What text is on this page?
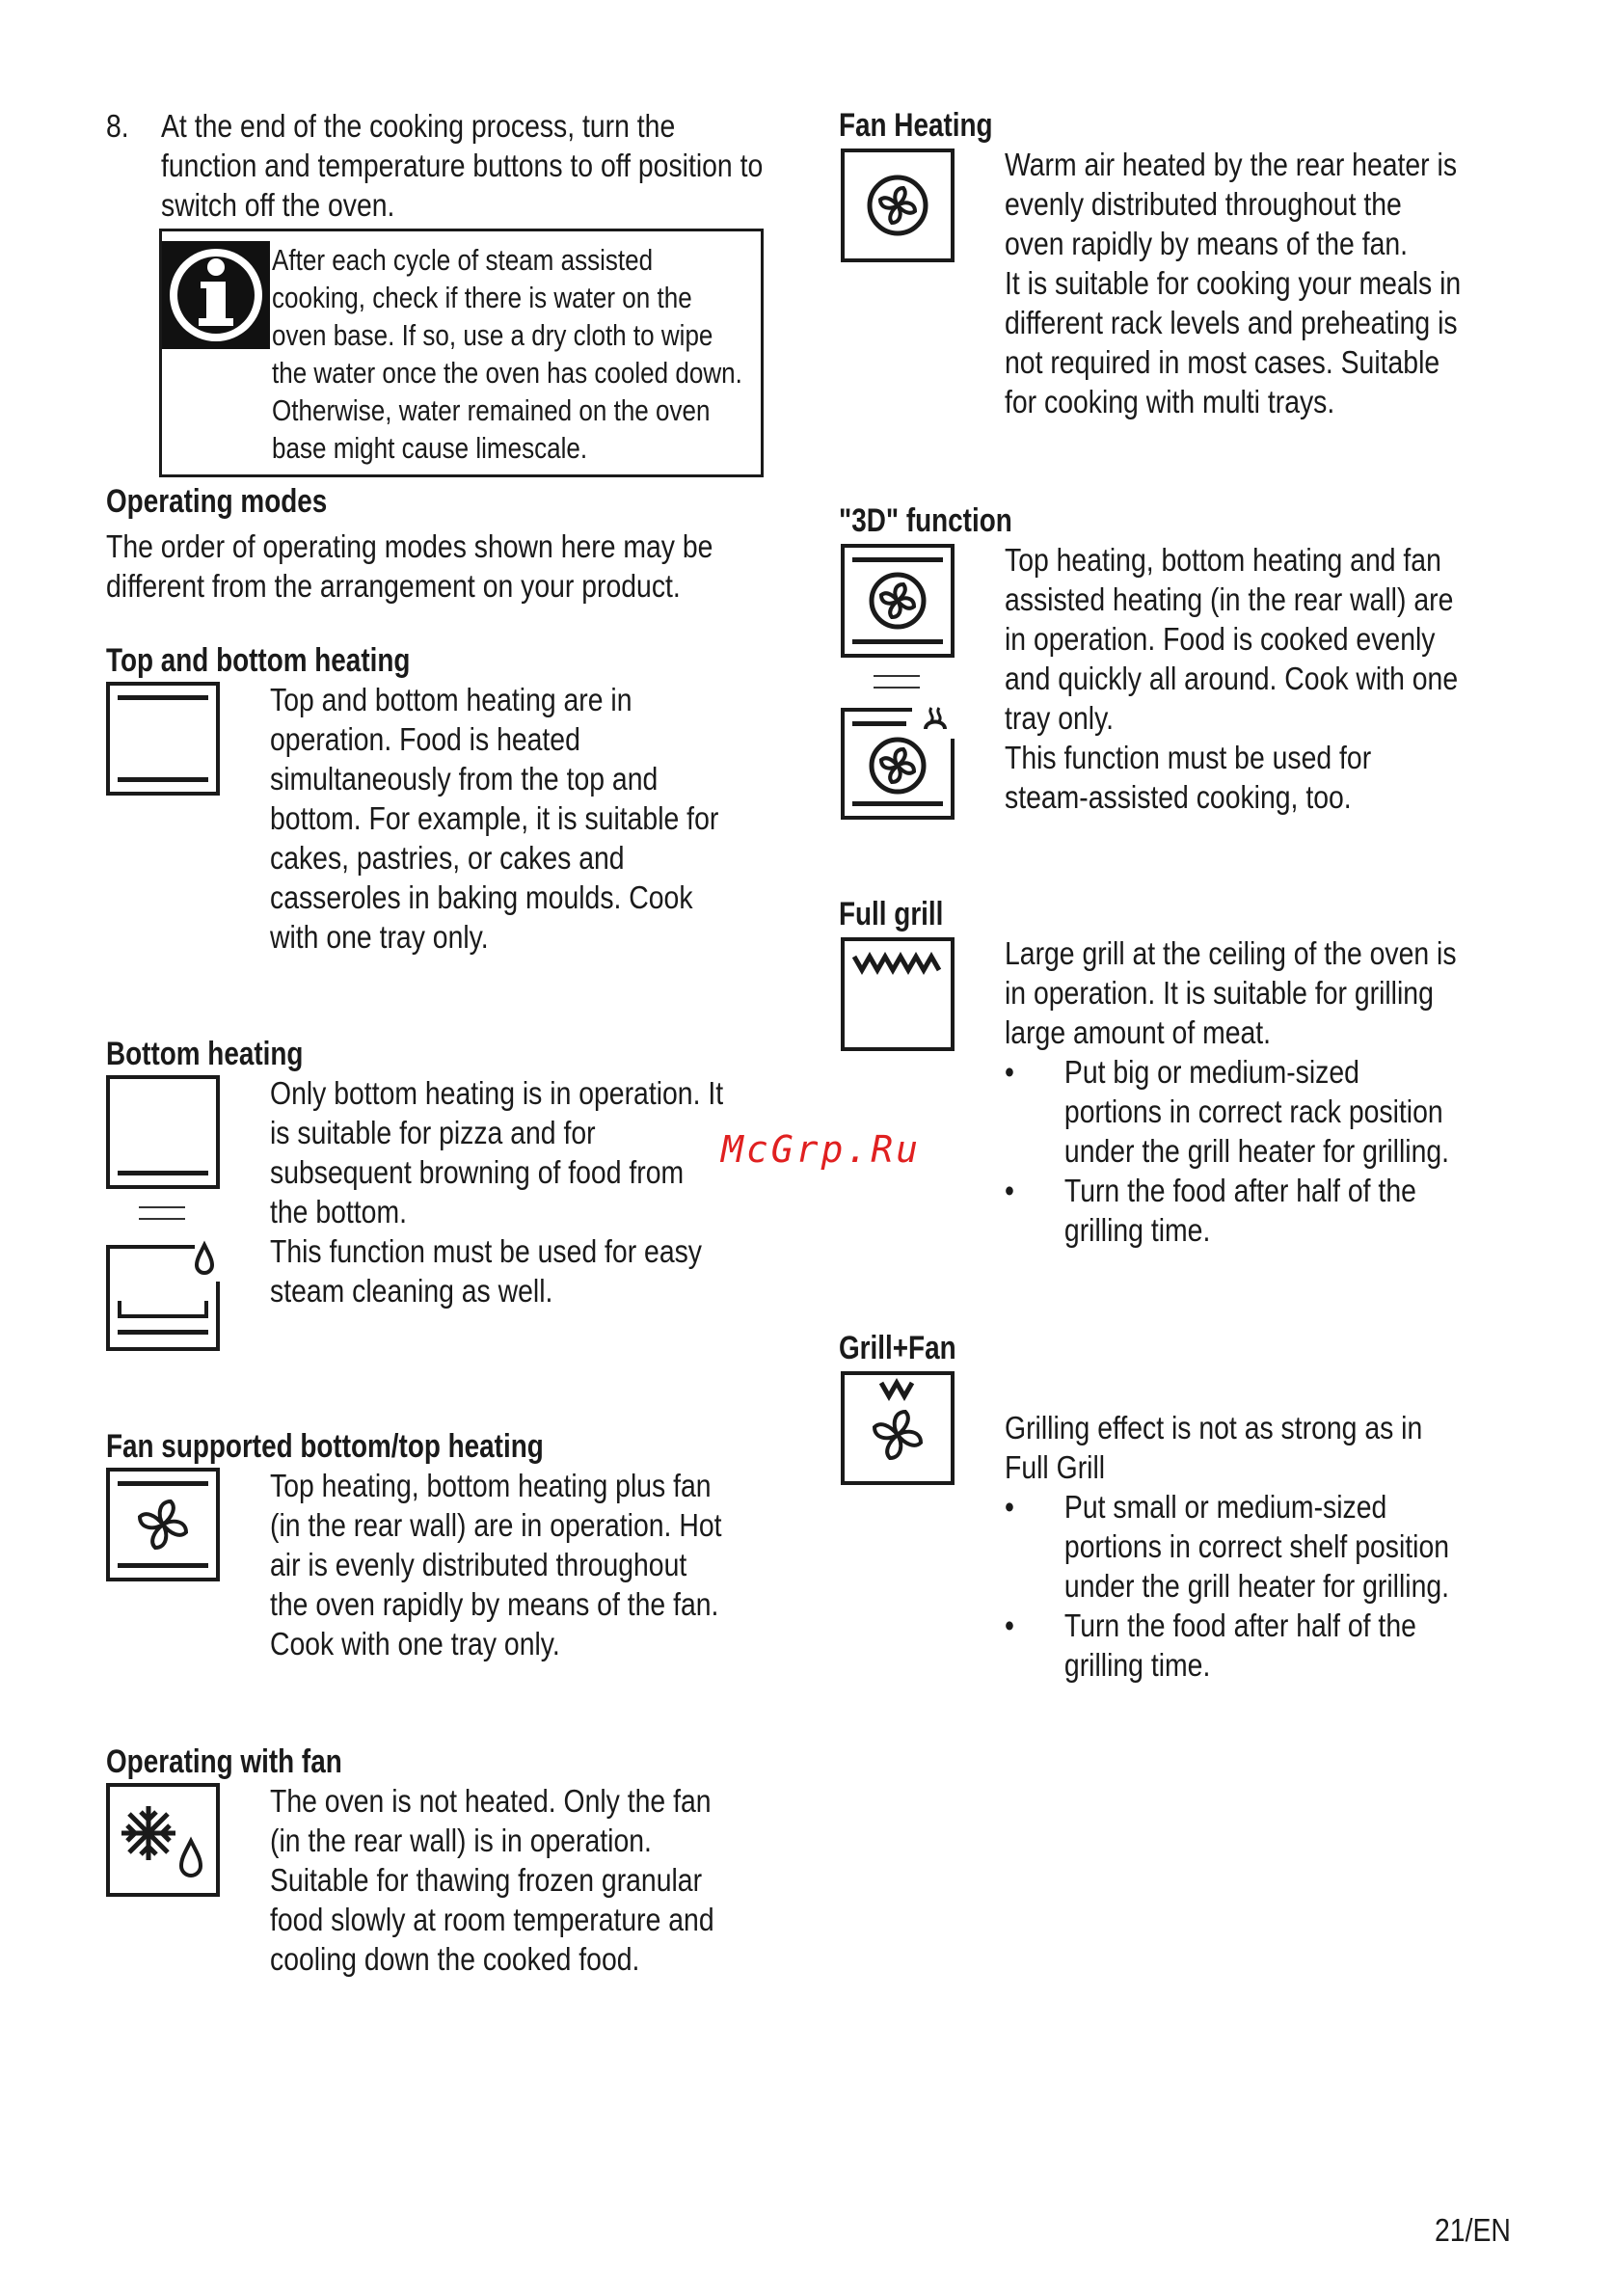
8. At the end of the cooking process, turn the
function and temperature buttons to off position to
switch off the oven.
After each cycle of steam assisted
cooking, check if there is water on the
oven base. If so, use a dry cloth to wipe
the water once the oven has cooled down.
Otherwise, water remained on the oven
base might cause limescale.
Operating modes
The order of operating modes shown here may be
different from the arrangement on your product.
Top and bottom heating
Top and bottom heating are in
operation. Food is heated
simultaneously from the top and
bottom. For example, it is suitable for
cakes, pastries, or cakes and
casseroles in baking moulds. Cook
with one tray only.
Bottom heating
Only bottom heating is in operation. It
is suitable for pizza and for
subsequent browning of food from
the bottom.
This function must be used for easy
steam cleaning as well.
Fan supported bottom/top heating
Top heating, bottom heating plus fan
(in the rear wall) are in operation. Hot
air is evenly distributed throughout
the oven rapidly by means of the fan.
Cook with one tray only.
Operating with fan
The oven is not heated. Only the fan
(in the rear wall) is in operation.
Suitable for thawing frozen granular
food slowly at room temperature and
cooling down the cooked food.
Fan Heating
Warm air heated by the rear heater is
evenly distributed throughout the
oven rapidly by means of the fan.
It is suitable for cooking your meals in
different rack levels and preheating is
not required in most cases. Suitable
for cooking with multi trays.
"3D" function
Top heating, bottom heating and fan
assisted heating (in the rear wall) are
in operation. Food is cooked evenly
and quickly all around. Cook with one
tray only.
This function must be used for
steam-assisted cooking, too.
Full grill
Large grill at the ceiling of the oven is
in operation. It is suitable for grilling
large amount of meat.
• Put big or medium-sized
portions in correct rack position
under the grill heater for grilling.
• Turn the food after half of the
grilling time.
Grill+Fan
Grilling effect is not as strong as in
Full Grill
• Put small or medium-sized
portions in correct shelf position
under the grill heater for grilling.
• Turn the food after half of the
grilling time.
McGrp.Ru
21/EN
